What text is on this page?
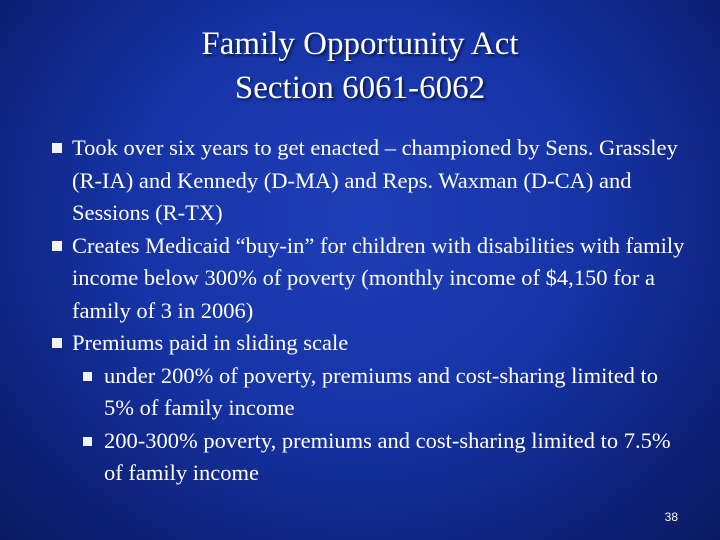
Family Opportunity Act
Section 6061-6062
Took over six years to get enacted – championed by Sens. Grassley (R-IA) and Kennedy (D-MA) and Reps. Waxman (D-CA) and Sessions (R-TX)
Creates Medicaid “buy-in” for children with disabilities with family income below 300% of poverty (monthly income of $4,150 for a family of 3 in 2006)
Premiums paid in sliding scale
under 200% of poverty, premiums and cost-sharing limited to 5% of family income
200-300% poverty, premiums and cost-sharing limited to 7.5% of family income
38
